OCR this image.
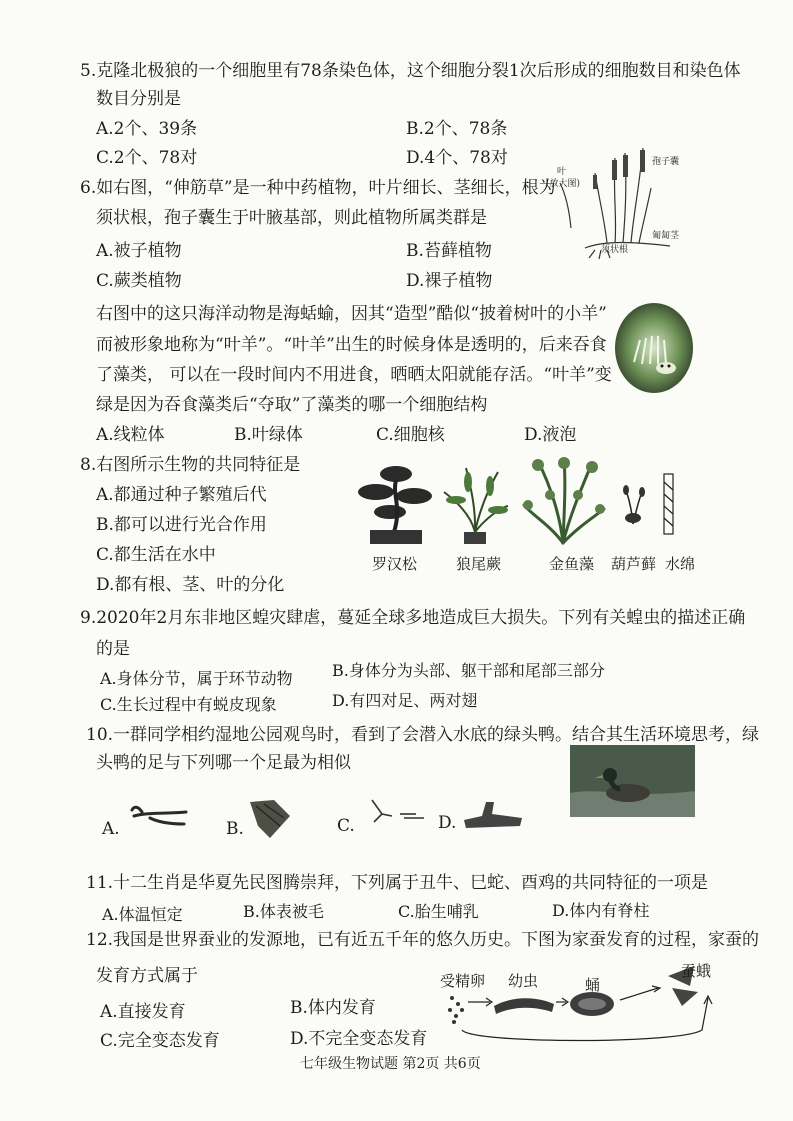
5.克隆北极狼的一个细胞里有78条染色体，这个细胞分裂1次后形成的细胞数目和染色体
数目分别是
A.2个、39条	B.2个、78条
C.2个、78对	D.4个、78对
6.如右图，“伸筋草”是一种中药植物，叶片细长、茎细长，根为
须状根，孢子囊生于叶腋基部，则此植物所属类群是
A.被子植物	B.苔藓植物
C.蕨类植物	D.裸子植物
叶
(放大图)
孢子囊
须状根
匍匐茎
右图中的这只海洋动物是海蛞蝓，因其“造型”酷似“披着树叶的小羊”
而被形象地称为“叶羊”。“叶羊”出生的时候身体是透明的，后来吞食
了藻类， 可以在一段时间内不用进食，晒晒太阳就能存活。“叶羊”变
绿是因为吞食藻类后“夺取”了藻类的哪一个细胞结构
A.线粒体	B.叶绿体	C.细胞核	D.液泡
8.右图所示生物的共同特征是
A.都通过种子繁殖后代
B.都可以进行光合作用
C.都生活在水中
D.都有根、茎、叶的分化
罗汉松	狼尾蕨	金鱼藻 葫芦藓 水绵
9.2020年2月东非地区蝗灾肆虐，蔓延全球多地造成巨大损失。下列有关蝗虫的描述正确
的是
A.身体分节，属于环节动物 B.身体分为头部、躯干部和尾部三部分
C.生长过程中有蜕皮现象	D.有四对足、两对翅
10.一群同学相约湿地公园观鸟时，看到了会潜入水底的绿头鸭。结合其生活环境思考，绿
头鸭的足与下列哪一个足最为相似
A.	B.	C.	D.
11.十二生肖是华夏先民图腾崇拜，下列属于丑牛、巳蛇、酉鸡的共同特征的一项是
A.体温恒定	B.体表被毛	C.胎生哺乳	D.体内有脊柱
12.我国是世界蚕业的发源地，已有近五千年的悠久历史。下图为家蚕发育的过程，家蚕的
发育方式属于
A.直接发育	B.体内发育
C.完全变态发育	D.不完全变态发育
受精卵 幼虫	蛹
蚕蛾
七年级生物试题 第2页 共6页
